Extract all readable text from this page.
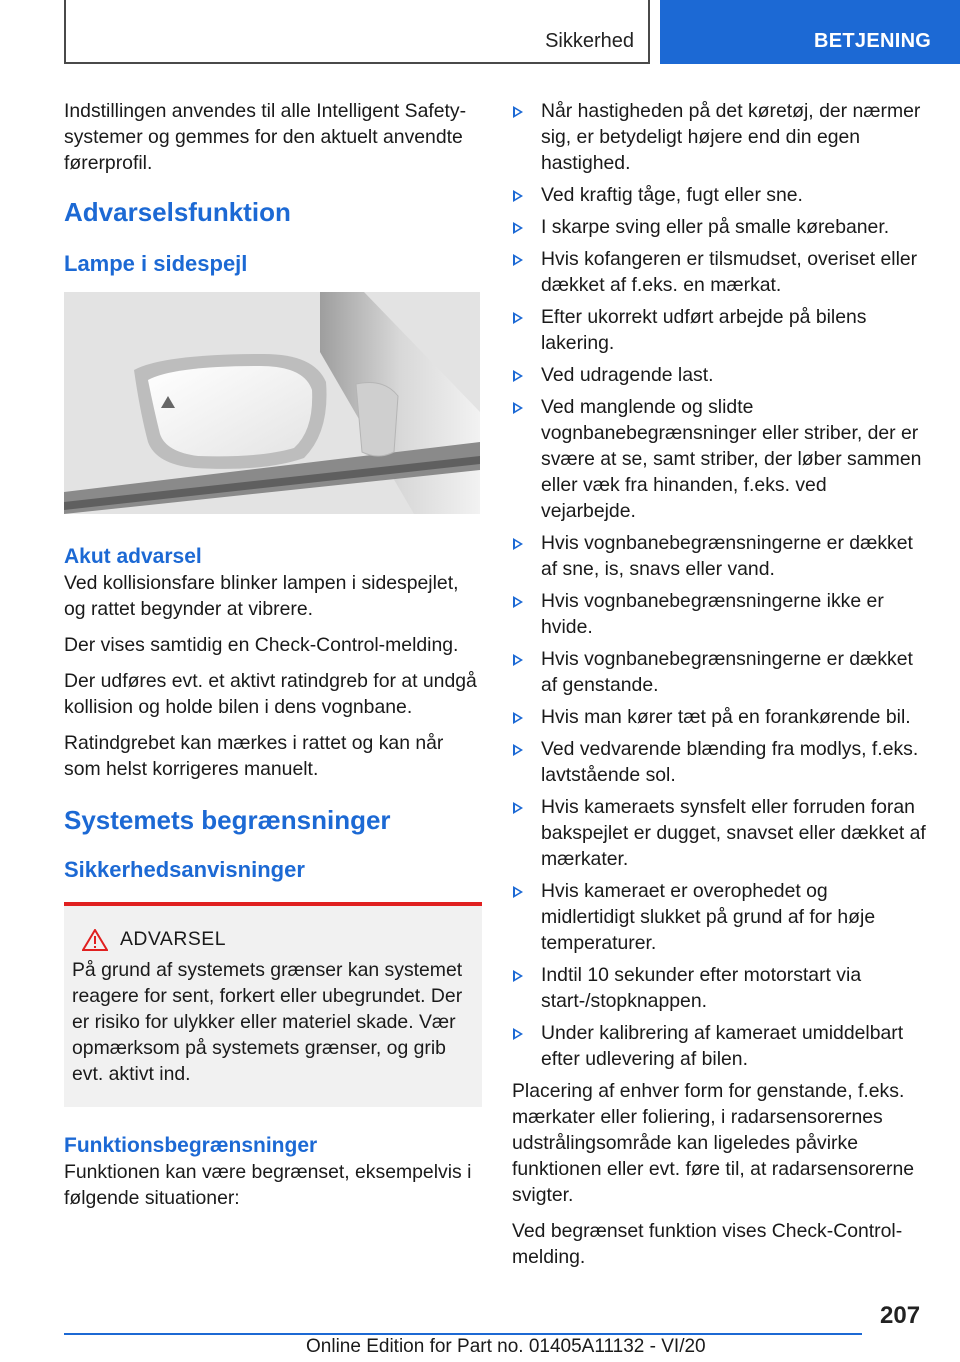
Sikkerhed	BETJENING

Indstillingen anvendes til alle Intelligent Safety-systemer og gemmes for den aktuelt anvendte førerprofil.

Advarselsfunktion
Lampe i sidespejl
Akut advarsel

Ved kollisionsfare blinker lampen i sidespejlet, og rattet begynder at vibrere.

Der vises samtidig en Check-Control-melding.

Der udføres evt. et aktivt ratindgreb for at undgå kollision og holde bilen i dens vognbane.

Ratindgrebet kan mærkes i rattet og kan når som helst korrigeres manuelt.

Systemets begrænsninger
Sikkerhedsanvisninger
ADVARSEL

På grund af systemets grænser kan systemet reagere for sent, forkert eller ubegrundet. Der er risiko for ulykker eller materiel skade. Vær opmærksom på systemets grænser, og grib evt. aktivt ind.

Funktionsbegrænsninger

Funktionen kan være begrænset, eksempelvis i følgende situationer:

Når hastigheden på det køretøj, der nærmer sig, er betydeligt højere end din egen hastighed.
Ved kraftig tåge, fugt eller sne.
I skarpe sving eller på smalle kørebaner.
Hvis kofangeren er tilsmudset, overiset eller dækket af f.eks. en mærkat.
Efter ukorrekt udført arbejde på bilens lakering.
Ved udragende last.
Ved manglende og slidte vognbanebegrænsninger eller striber, der er svære at se, samt striber, der løber sammen eller væk fra hinanden, f.eks. ved vejarbejde.
Hvis vognbanebegrænsningerne er dækket af sne, is, snavs eller vand.
Hvis vognbanebegrænsningerne ikke er hvide.
Hvis vognbanebegrænsningerne er dækket af genstande.
Hvis man kører tæt på en forankørende bil.
Ved vedvarende blænding fra modlys, f.eks. lavtstående sol.
Hvis kameraets synsfelt eller forruden foran bakspejlet er dugget, snavset eller dækket af mærkater.
Hvis kameraet er overophedet og midlertidigt slukket på grund af for høje temperaturer.
Indtil 10 sekunder efter motorstart via start-/stopknappen.
Under kalibrering af kameraet umiddelbart efter udlevering af bilen.

Placering af enhver form for genstande, f.eks. mærkater eller foliering, i radarsensorernes udstrålingsområde kan ligeledes påvirke funktionen eller evt. føre til, at radarsensorerne svigter.

Ved begrænset funktion vises Check-Control-melding.

207
Online Edition for Part no. 01405A11132 - VI/20
